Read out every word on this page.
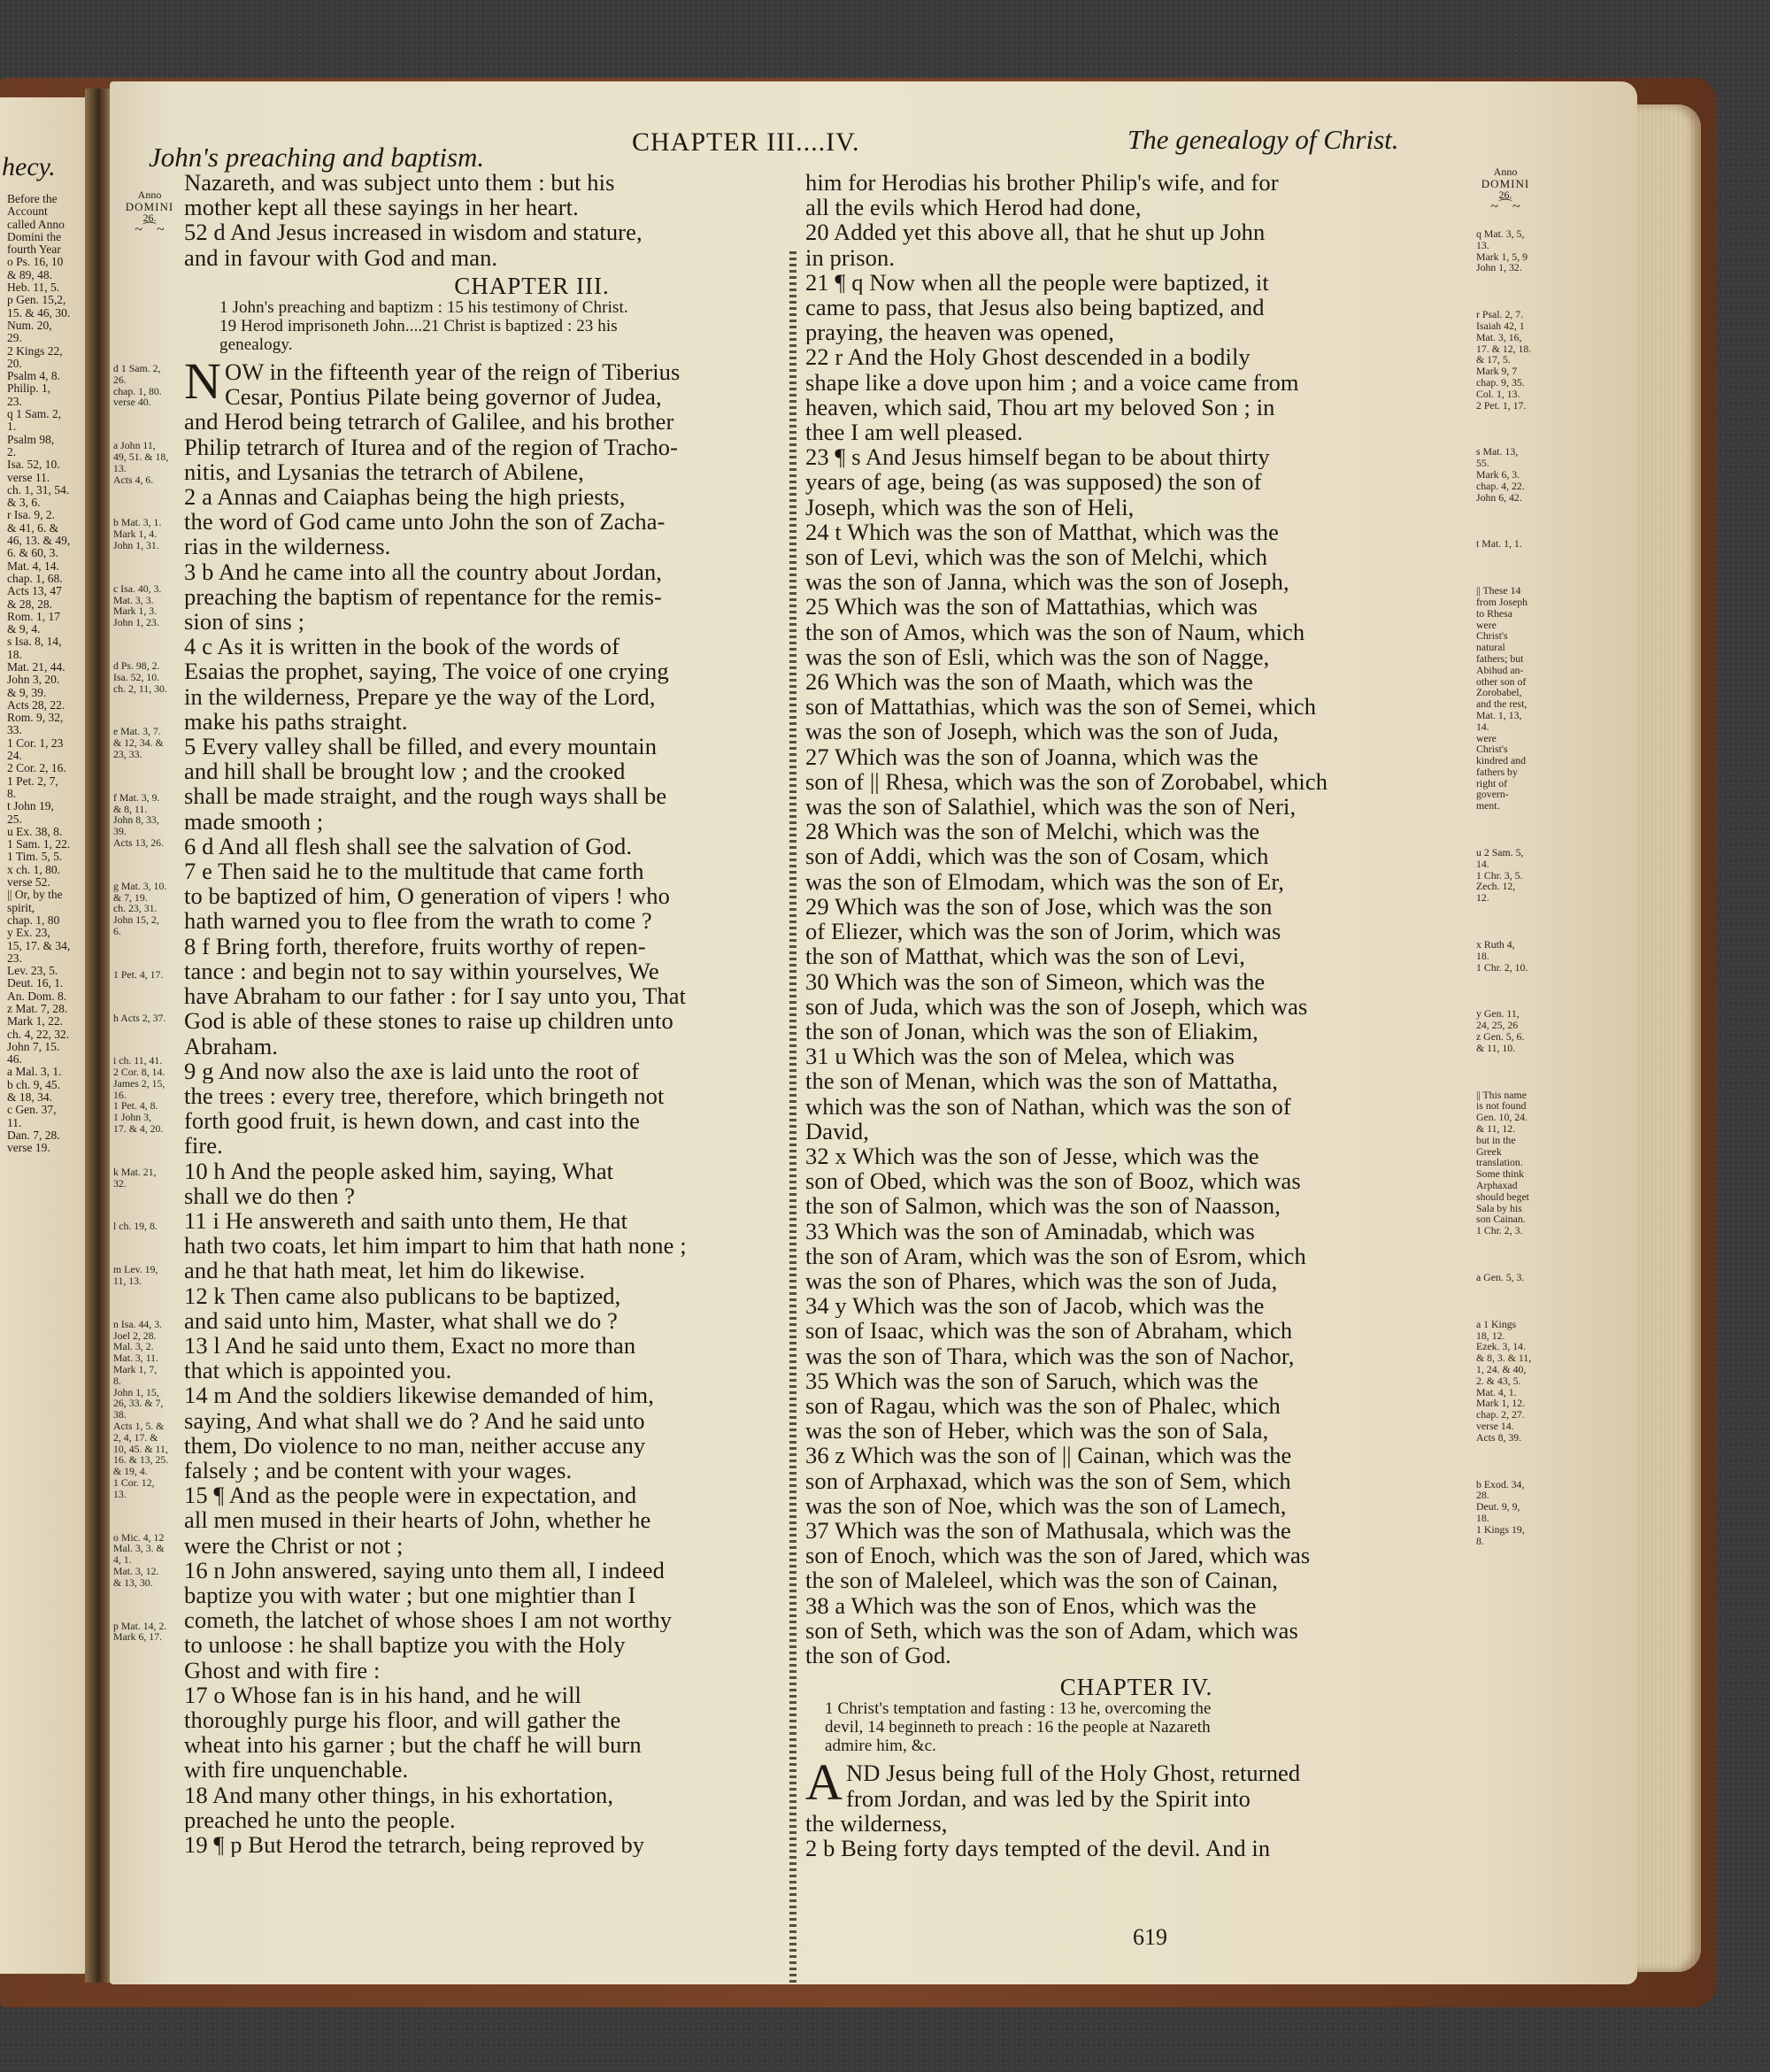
hecy.
Before the
Account
called Anno
Domini the
fourth Year
o Ps. 16, 10
& 89, 48.
Heb. 11, 5.
p Gen. 15,2,
15. & 46, 30.
Num. 20,
29.
2 Kings 22,
20.
Psalm 4, 8.
Philip. 1,
23.
q 1 Sam. 2,
1.
Psalm 98,
2.
Isa. 52, 10.
verse 11.
ch. 1, 31, 54.
& 3, 6.
r Isa. 9, 2.
& 41, 6. &
46, 13. & 49,
6. & 60, 3.
Mat. 4, 14.
chap. 1, 68.
Acts 13, 47
& 28, 28.
Rom. 1, 17
& 9, 4.
s Isa. 8, 14,
18.
Mat. 21, 44.
John 3, 20.
& 9, 39.
Acts 28, 22.
Rom. 9, 32,
33.
1 Cor. 1, 23
24.
2 Cor. 2, 16.
1 Pet. 2, 7,
8.
t John 19,
25.
u Ex. 38, 8.
1 Sam. 1, 22.
1 Tim. 5, 5.
x ch. 1, 80.
verse 52.
|| Or, by the
spirit,
chap. 1, 80
y Ex. 23,
15, 17. & 34,
23.
Lev. 23, 5.
Deut. 16, 1.
An. Dom. 8.
z Mat. 7, 28.
Mark 1, 22.
ch. 4, 22, 32.
John 7, 15.
46.
a Mal. 3, 1.
b ch. 9, 45.
& 18, 34.
c Gen. 37,
11.
Dan. 7, 28.
verse 19.
John's preaching and baptism.	CHAPTER III....IV.	The genealogy of Christ.
Anno
DOMINI
26.
~⌒~
Nazareth, and was subject unto them : but his
mother kept all these sayings in her heart.
52 d And Jesus increased in wisdom and stature,
and in favour with God and man.
CHAPTER III.
1 John's preaching and baptizm : 15 his testimony of Christ.
19 Herod imprisoneth John....21 Christ is baptized : 23 his
genealogy.
N OW in the fifteenth year of the reign of Tiberius
Cesar, Pontius Pilate being governor of Judea,
and Herod being tetrarch of Galilee, and his brother
Philip tetrarch of Iturea and of the region of Tracho-
nitis, and Lysanias the tetrarch of Abilene,
2 a Annas and Caiaphas being the high priests,
the word of God came unto John the son of Zacha-
rias in the wilderness.
3 b And he came into all the country about Jordan,
preaching the baptism of repentance for the remis-
sion of sins ;
4 c As it is written in the book of the words of
Esaias the prophet, saying, The voice of one crying
in the wilderness, Prepare ye the way of the Lord,
make his paths straight.
5 Every valley shall be filled, and every mountain
and hill shall be brought low ; and the crooked
shall be made straight, and the rough ways shall be
made smooth ;
6 d And all flesh shall see the salvation of God.
7 e Then said he to the multitude that came forth
to be baptized of him, O generation of vipers ! who
hath warned you to flee from the wrath to come ?
8 f Bring forth, therefore, fruits worthy of repen-
tance : and begin not to say within yourselves, We
have Abraham to our father : for I say unto you, That
God is able of these stones to raise up children unto
Abraham.
9 g And now also the axe is laid unto the root of
the trees : every tree, therefore, which bringeth not
forth good fruit, is hewn down, and cast into the
fire.
10 h And the people asked him, saying, What
shall we do then ?
11 i He answereth and saith unto them, He that
hath two coats, let him impart to him that hath none ;
and he that hath meat, let him do likewise.
12 k Then came also publicans to be baptized,
and said unto him, Master, what shall we do ?
13 l And he said unto them, Exact no more than
that which is appointed you.
14 m And the soldiers likewise demanded of him,
saying, And what shall we do ? And he said unto
them, Do violence to no man, neither accuse any
falsely ; and be content with your wages.
15 ¶ And as the people were in expectation, and
all men mused in their hearts of John, whether he
were the Christ or not ;
16 n John answered, saying unto them all, I indeed
baptize you with water ; but one mightier than I
cometh, the latchet of whose shoes I am not worthy
to unloose : he shall baptize you with the Holy
Ghost and with fire :
17 o Whose fan is in his hand, and he will
thoroughly purge his floor, and will gather the
wheat into his garner ; but the chaff he will burn
with fire unquenchable.
18 And many other things, in his exhortation,
preached he unto the people.
19 ¶ p But Herod the tetrarch, being reproved by
d 1 Sam. 2,
26.
chap. 1, 80.
verse 40.
a John 11,
49, 51. & 18,
13.
Acts 4, 6.
b Mat. 3, 1.
Mark 1, 4.
John 1, 31.
c Isa. 40, 3.
Mat. 3, 3.
Mark 1, 3.
John 1, 23.
d Ps. 98, 2.
Isa. 52, 10.
ch. 2, 11, 30.
e Mat. 3, 7.
& 12, 34. &
23, 33.
f Mat. 3, 9.
& 8, 11.
John 8, 33,
39.
Acts 13, 26.
g Mat. 3, 10.
& 7, 19.
ch. 23, 31.
John 15, 2,
6.
1 Pet. 4, 17.
h Acts 2, 37.
i ch. 11, 41.
2 Cor. 8, 14.
James 2, 15,
16.
1 Pet. 4, 8.
1 John 3,
17. & 4, 20.
k Mat. 21,
32.
l ch. 19, 8.
m Lev. 19,
11, 13.
n Isa. 44, 3.
Joel 2, 28.
Mal. 3, 2.
Mat. 3, 11.
Mark 1, 7,
8.
John 1, 15,
26, 33. & 7,
38.
Acts 1, 5. &
2, 4, 17. &
10, 45. & 11,
16. & 13, 25.
& 19, 4.
1 Cor. 12,
13.
o Mic. 4, 12
Mal. 3, 3. &
4, 1.
Mat. 3, 12.
& 13, 30.
p Mat. 14, 2.
Mark 6, 17.
him for Herodias his brother Philip's wife, and for
all the evils which Herod had done,
20 Added yet this above all, that he shut up John
in prison.
21 ¶ q Now when all the people were baptized, it
came to pass, that Jesus also being baptized, and
praying, the heaven was opened,
22 r And the Holy Ghost descended in a bodily
shape like a dove upon him ; and a voice came from
heaven, which said, Thou art my beloved Son ; in
thee I am well pleased.
23 ¶ s And Jesus himself began to be about thirty
years of age, being (as was supposed) the son of
Joseph, which was the son of Heli,
24 t Which was the son of Matthat, which was the
son of Levi, which was the son of Melchi, which
was the son of Janna, which was the son of Joseph,
25 Which was the son of Mattathias, which was
the son of Amos, which was the son of Naum, which
was the son of Esli, which was the son of Nagge,
26 Which was the son of Maath, which was the
son of Mattathias, which was the son of Semei, which
was the son of Joseph, which was the son of Juda,
27 Which was the son of Joanna, which was the
son of || Rhesa, which was the son of Zorobabel, which
was the son of Salathiel, which was the son of Neri,
28 Which was the son of Melchi, which was the
son of Addi, which was the son of Cosam, which
was the son of Elmodam, which was the son of Er,
29 Which was the son of Jose, which was the son
of Eliezer, which was the son of Jorim, which was
the son of Matthat, which was the son of Levi,
30 Which was the son of Simeon, which was the
son of Juda, which was the son of Joseph, which was
the son of Jonan, which was the son of Eliakim,
31 u Which was the son of Melea, which was
the son of Menan, which was the son of Mattatha,
which was the son of Nathan, which was the son of
David,
32 x Which was the son of Jesse, which was the
son of Obed, which was the son of Booz, which was
the son of Salmon, which was the son of Naasson,
33 Which was the son of Aminadab, which was
the son of Aram, which was the son of Esrom, which
was the son of Phares, which was the son of Juda,
34 y Which was the son of Jacob, which was the
son of Isaac, which was the son of Abraham, which
was the son of Thara, which was the son of Nachor,
35 Which was the son of Saruch, which was the
son of Ragau, which was the son of Phalec, which
was the son of Heber, which was the son of Sala,
36 z Which was the son of || Cainan, which was the
son of Arphaxad, which was the son of Sem, which
was the son of Noe, which was the son of Lamech,
37 Which was the son of Mathusala, which was the
son of Enoch, which was the son of Jared, which was
the son of Maleleel, which was the son of Cainan,
38 a Which was the son of Enos, which was the
son of Seth, which was the son of Adam, which was
the son of God.
CHAPTER IV.
1 Christ's temptation and fasting : 13 he, overcoming the
devil, 14 beginneth to preach : 16 the people at Nazareth
admire him, &c.
A ND Jesus being full of the Holy Ghost, returned
from Jordan, and was led by the Spirit into
the wilderness,
2 b Being forty days tempted of the devil. And in
Anno
DOMINI
26.
~⌒~
q Mat. 3, 5,
13.
Mark 1, 5, 9
John 1, 32.
r Psal. 2, 7.
Isaiah 42, 1
Mat. 3, 16,
17. & 12, 18.
& 17, 5.
Mark 9, 7
chap. 9, 35.
Col. 1, 13.
2 Pet. 1, 17.
s Mat. 13,
55.
Mark 6, 3.
chap. 4, 22.
John 6, 42.
t Mat. 1, 1.
|| These 14
from Joseph
to Rhesa
were
Christ's
natural
fathers; but
Abihud an-
other son of
Zorobabel,
and the rest,
Mat. 1, 13,
14.
were
Christ's
kindred and
fathers by
right of
govern-
ment.
u 2 Sam. 5,
14.
1 Chr. 3, 5.
Zech. 12,
12.
x Ruth 4,
18.
1 Chr. 2, 10.
y Gen. 11,
24, 25, 26
z Gen. 5, 6.
& 11, 10.
|| This name
is not found
Gen. 10, 24.
& 11, 12.
but in the
Greek
translation.
Some think
Arphaxad
should beget
Sala by his
son Cainan.
1 Chr. 2, 3.
a Gen. 5, 3.
a 1 Kings
18, 12.
Ezek. 3, 14.
& 8, 3. & 11,
1, 24. & 40,
2. & 43, 5.
Mat. 4, 1.
Mark 1, 12.
chap. 2, 27.
verse 14.
Acts 8, 39.
b Exod. 34,
28.
Deut. 9, 9,
18.
1 Kings 19,
8.
619
